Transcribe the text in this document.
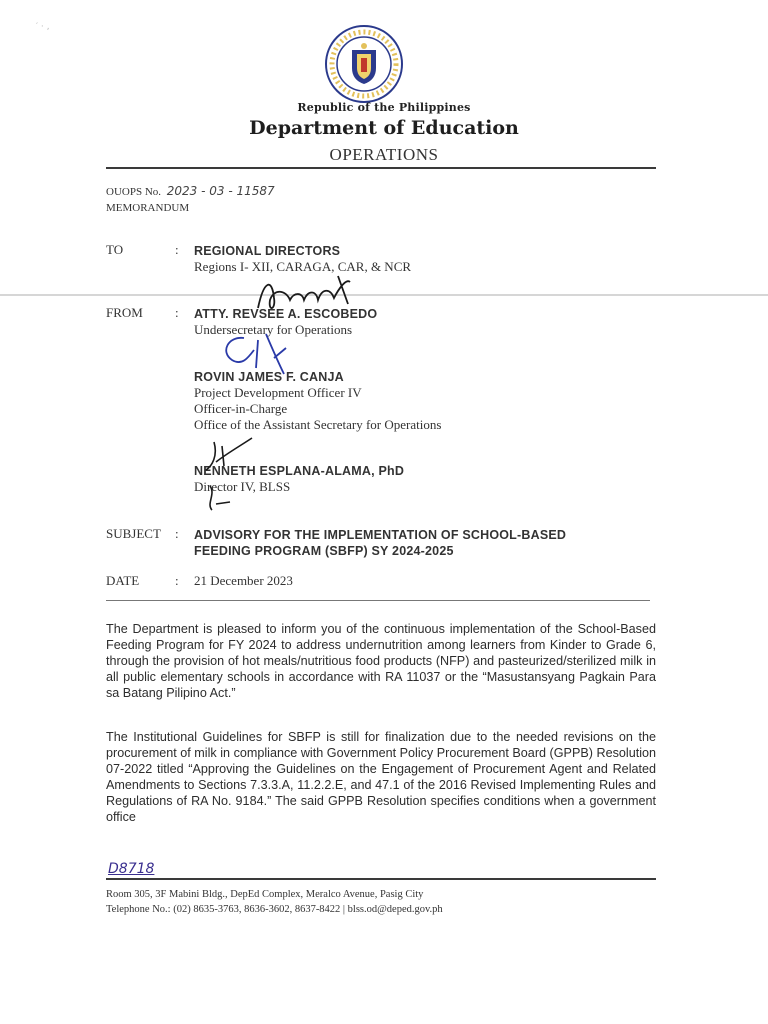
′ · ‚
Republic of the Philippines
Department of Education
OPERATIONS
OUOPS No. 2023 - 03 - 11587
MEMORANDUM
TO	: REGIONAL DIRECTORS
Regions I- XII, CARAGA, CAR, & NCR
FROM : ATTY. REVSEE A. ESCOBEDO
Undersecretary for Operations
ROVIN JAMES F. CANJA
Project Development Officer IV
Officer-in-Charge
Office of the Assistant Secretary for Operations
NENNETH ESPLANA-ALAMA, PhD
Director IV, BLSS
SUBJECT : ADVISORY FOR THE IMPLEMENTATION OF SCHOOL-BASED
FEEDING PROGRAM (SBFP) SY 2024-2025
DATE	: 21 December 2023
The Department is pleased to inform you of the continuous implementation of the School-Based Feeding Program for FY 2024 to address undernutrition among learners from Kinder to Grade 6, through the provision of hot meals/nutritious food products (NFP) and pasteurized/sterilized milk in all public elementary schools in accordance with RA 11037 or the “Masustansyang Pagkain Para sa Batang Pilipino Act.”
The Institutional Guidelines for SBFP is still for finalization due to the needed revisions on the procurement of milk in compliance with Government Policy Procurement Board (GPPB) Resolution 07-2022 titled “Approving the Guidelines on the Engagement of Procurement Agent and Related Amendments to Sections 7.3.3.A, 11.2.2.E, and 47.1 of the 2016 Revised Implementing Rules and Regulations of RA No. 9184.” The said GPPB Resolution specifies conditions when a government office
D8718
Room 305, 3F Mabini Bldg., DepEd Complex, Meralco Avenue, Pasig City
Telephone No.: (02) 8635-3763, 8636-3602, 8637-8422 | blss.od@deped.gov.ph
